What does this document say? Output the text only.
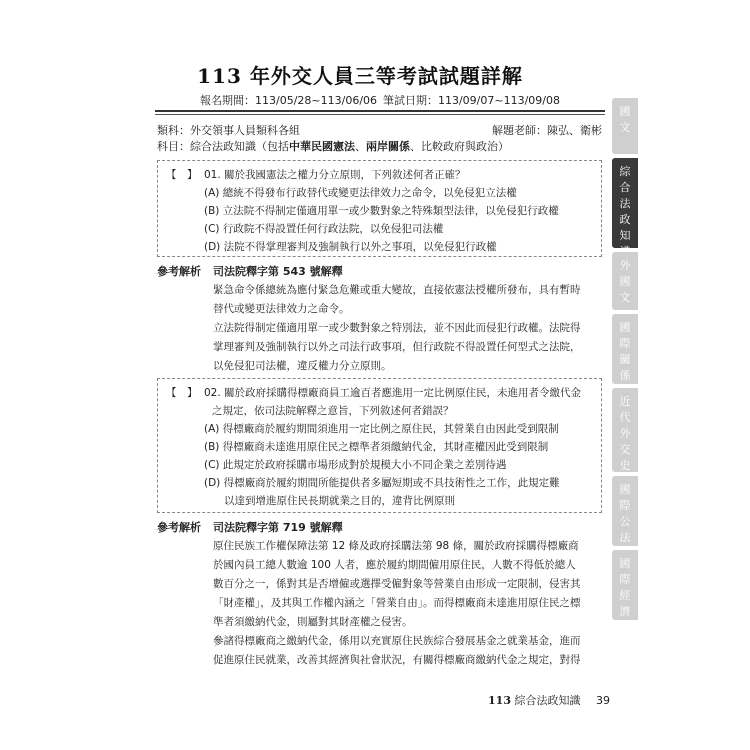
113 年外交人員三等考試試題詳解
報名期間：113/05/28~113/06/06 筆試日期：113/09/07~113/09/08
類科：外交領事人員類科各組	解題老師：陳弘、衛彬
科目：綜合法政知識（包括中華民國憲法、兩岸關係、比較政府與政治）
【　】 01. 關於我國憲法之權力分立原則，下列敘述何者正確？
(A) 總統不得發布行政替代或變更法律效力之命令，以免侵犯立法權
(B) 立法院不得制定僅適用單一或少數對象之特殊類型法律，以免侵犯行政權
(C) 行政院不得設置任何行政法院，以免侵犯司法權
(D) 法院不得掌理審判及強制執行以外之事項，以免侵犯行政權
參考解析 司法院釋字第 543 號解釋
緊急命令係總統為應付緊急危難或重大變故，直接依憲法授權所發布，具有暫時
替代或變更法律效力之命令。
立法院得制定僅適用單一或少數對象之特別法，並不因此而侵犯行政權。法院得
掌理審判及強制執行以外之司法行政事項，但行政院不得設置任何型式之法院，
以免侵犯司法權，違反權力分立原則。
【　】 02. 關於政府採購得標廠商員工逾百者應進用一定比例原住民，未進用者令繳代金
之規定，依司法院解釋之意旨，下列敘述何者錯誤？
(A) 得標廠商於履約期間須進用一定比例之原住民，其營業自由因此受到限制
(B) 得標廠商未達進用原住民之標準者須繳納代金，其財產權因此受到限制
(C) 此規定於政府採購市場形成對於規模大小不同企業之差別待遇
(D) 得標廠商於履約期間所能提供者多屬短期或不具技術性之工作，此規定難
以達到增進原住民長期就業之目的，違背比例原則
參考解析 司法院釋字第 719 號解釋
原住民族工作權保障法第 12 條及政府採購法第 98 條，關於政府採購得標廠商
於國內員工總人數逾 100 人者，應於履約期間僱用原住民，人數不得低於總人
數百分之一，係對其是否增僱或選擇受僱對象等營業自由形成一定限制，侵害其
「財產權」，及其與工作權內涵之「營業自由」。而得標廠商未達進用原住民之標
準者須繳納代金，則屬對其財產權之侵害。
參諸得標廠商之繳納代金，係用以充實原住民族綜合發展基金之就業基金，進而
促進原住民就業，改善其經濟與社會狀況，有關得標廠商繳納代金之規定，對得
113 綜合法政知識 39
國
文
綜
合
法
政
知

外
國
文
國
際
關
係
近
代
外
交
史
國
際
公
法
國
際
經
濟
